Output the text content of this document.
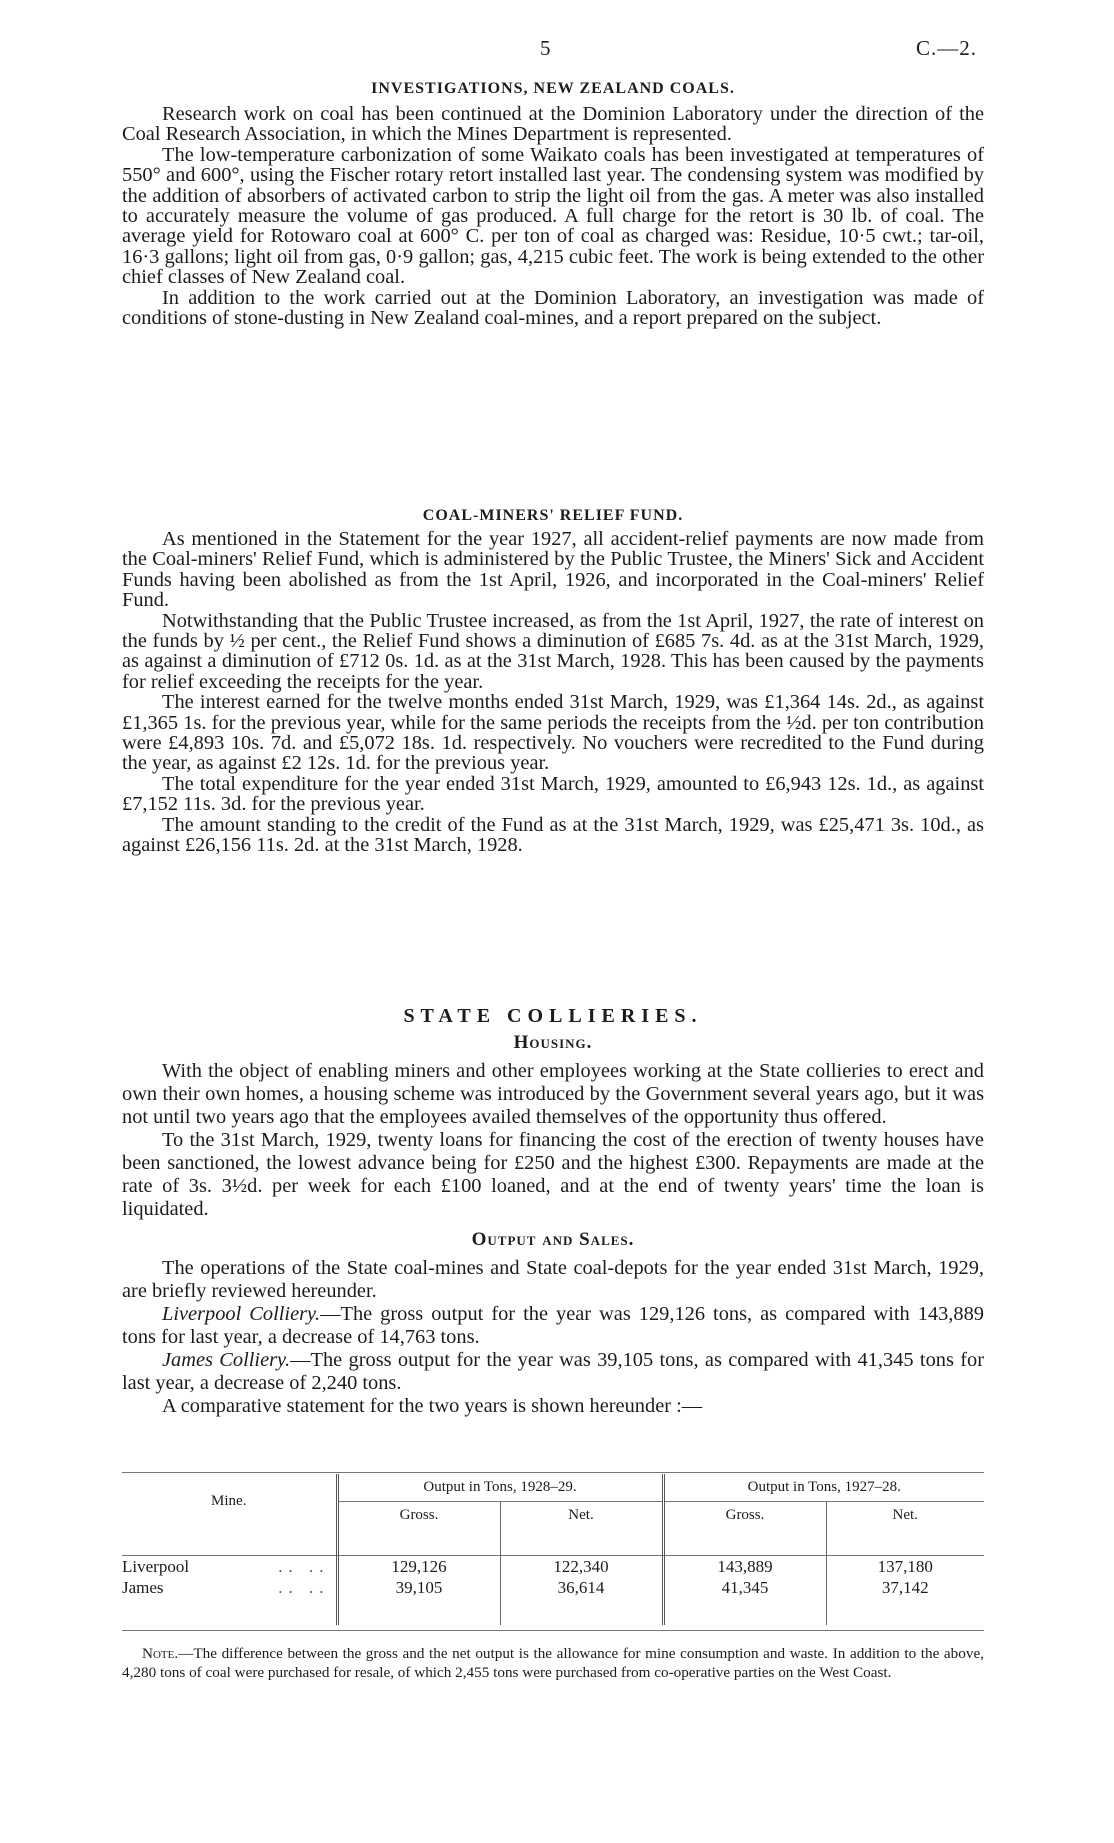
5	C.—2.
INVESTIGATIONS, NEW ZEALAND COALS.

Research work on coal has been continued at the Dominion Laboratory under the direction of the Coal Research Association, in which the Mines Department is represented.

The low-temperature carbonization of some Waikato coals has been investigated at temperatures of 550° and 600°, using the Fischer rotary retort installed last year. The condensing system was modified by the addition of absorbers of activated carbon to strip the light oil from the gas. A meter was also installed to accurately measure the volume of gas produced. A full charge for the retort is 30 lb. of coal. The average yield for Rotowaro coal at 600° C. per ton of coal as charged was: Residue, 10·5 cwt.; tar-oil, 16·3 gallons; light oil from gas, 0·9 gallon; gas, 4,215 cubic feet. The work is being extended to the other chief classes of New Zealand coal.

In addition to the work carried out at the Dominion Laboratory, an investigation was made of conditions of stone-dusting in New Zealand coal-mines, and a report prepared on the subject.

COAL-MINERS' RELIEF FUND.

As mentioned in the Statement for the year 1927, all accident-relief payments are now made from the Coal-miners' Relief Fund, which is administered by the Public Trustee, the Miners' Sick and Accident Funds having been abolished as from the 1st April, 1926, and incorporated in the Coal-miners' Relief Fund.

Notwithstanding that the Public Trustee increased, as from the 1st April, 1927, the rate of interest on the funds by ½ per cent., the Relief Fund shows a diminution of £685 7s. 4d. as at the 31st March, 1929, as against a diminution of £712 0s. 1d. as at the 31st March, 1928. This has been caused by the payments for relief exceeding the receipts for the year.

The interest earned for the twelve months ended 31st March, 1929, was £1,364 14s. 2d., as against £1,365 1s. for the previous year, while for the same periods the receipts from the ½d. per ton contribution were £4,893 10s. 7d. and £5,072 18s. 1d. respectively. No vouchers were recredited to the Fund during the year, as against £2 12s. 1d. for the previous year.

The total expenditure for the year ended 31st March, 1929, amounted to £6,943 12s. 1d., as against £7,152 11s. 3d. for the previous year.

The amount standing to the credit of the Fund as at the 31st March, 1929, was £25,471 3s. 10d., as against £26,156 11s. 2d. at the 31st March, 1928.

STATE COLLIERIES.
Housing.

With the object of enabling miners and other employees working at the State collieries to erect and own their own homes, a housing scheme was introduced by the Government several years ago, but it was not until two years ago that the employees availed themselves of the opportunity thus offered.

To the 31st March, 1929, twenty loans for financing the cost of the erection of twenty houses have been sanctioned, the lowest advance being for £250 and the highest £300. Repayments are made at the rate of 3s. 3½d. per week for each £100 loaned, and at the end of twenty years' time the loan is liquidated.

Output and Sales.

The operations of the State coal-mines and State coal-depots for the year ended 31st March, 1929, are briefly reviewed hereunder.

Liverpool Colliery.—The gross output for the year was 129,126 tons, as compared with 143,889 tons for last year, a decrease of 14,763 tons.

James Colliery.—The gross output for the year was 39,105 tons, as compared with 41,345 tons for last year, a decrease of 2,240 tons.

A comparative statement for the two years is shown hereunder :—

Mine.	Output in Tons, 1928–29.		Output in Tons, 1927–28.	
	Gross.	Net.	Gross.	Net.

Liverpool .. ..	129,126	122,340	143,889	137,180
James .. ..	39,105	36,614	41,345	37,142

Note.—The difference between the gross and the net output is the allowance for mine consumption and waste. In addition to the above, 4,280 tons of coal were purchased for resale, of which 2,455 tons were purchased from co-operative parties on the West Coast.
